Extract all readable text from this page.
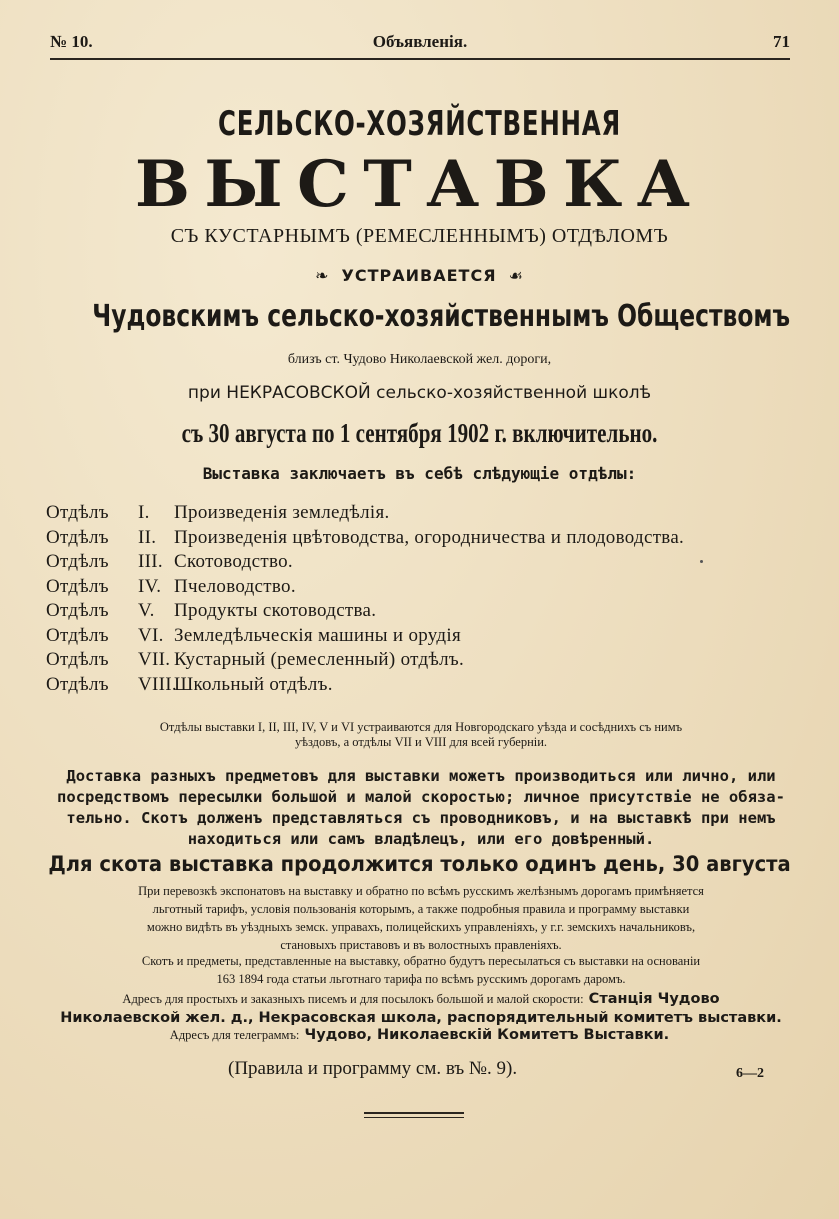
№ 10.	Объявленія.	71
СЕЛЬСКО-ХОЗЯЙСТВЕННАЯ
ВЫСТАВКА
СЪ КУСТАРНЫМЪ (РЕМЕСЛЕННЫМЪ) ОТДѢЛОМЪ
❧ УСТРАИВАЕТСЯ ☙
Чудовскимъ сельско-хозяйственнымъ Обществомъ
близъ ст. Чудово Николаевской жел. дороги,
при НЕКРАСОВСКОЙ сельско-хозяйственной школѣ
съ 30 августа по 1 сентября 1902 г. включительно.
Выставка заключаетъ въ себѣ слѣдующіе отдѣлы:
Отдѣлъ I. Произведенія земледѣлія.
Отдѣлъ II. Произведенія цвѣтоводства, огородничества и плодоводства.
Отдѣлъ III. Скотоводство.
Отдѣлъ IV. Пчеловодство.
Отдѣлъ V. Продукты скотоводства.
Отдѣлъ VI. Земледѣльческія машины и орудія
Отдѣлъ VII. Кустарный (ремесленный) отдѣлъ.
Отдѣлъ VIII.Школьный отдѣлъ.
Отдѣлы выставки I, II, III, IV, V и VI устраиваются для Новгородскаго уѣзда и сосѣднихъ съ нимъ
уѣздовъ, а отдѣлы VII и VIII для всей губерніи.
Доставка разныхъ предметовъ для выставки можетъ производиться или лично, или
посредствомъ пересылки большой и малой скоростью; личное присутствіе не обяза-
тельно. Скотъ долженъ представляться съ проводниковъ, и на выставкѣ при немъ
находиться или самъ владѣлецъ, или его довѣренный.
Для скота выставка продолжится только одинъ день, 30 августа
При перевозкѣ экспонатовъ на выставку и обратно по всѣмъ русскимъ желѣзнымъ дорогамъ примѣняется
льготный тарифъ, условія пользованія которымъ, а также подробныя правила и программу выставки
можно видѣть въ уѣздныхъ земск. управахъ, полицейскихъ управленіяхъ, у г.г. земскихъ начальниковъ,
становыхъ приставовъ и въ волостныхъ правленіяхъ.
Скотъ и предметы, представленные на выставку, обратно будутъ пересылаться съ выставки на основаніи
163 1894 года статьи льготнаго тарифа по всѣмъ русскимъ дорогамъ даромъ.
Адресъ для простыхъ и заказныхъ писемъ и для посылокъ большой и малой скорости: Станція Чудово
Николаевской жел. д., Некрасовская школа, распорядительный комитетъ выставки.
Адресъ для телеграммъ: Чудово, Николаевскій Комитетъ Выставки.
(Правила и программу см. въ №. 9).	6—2
